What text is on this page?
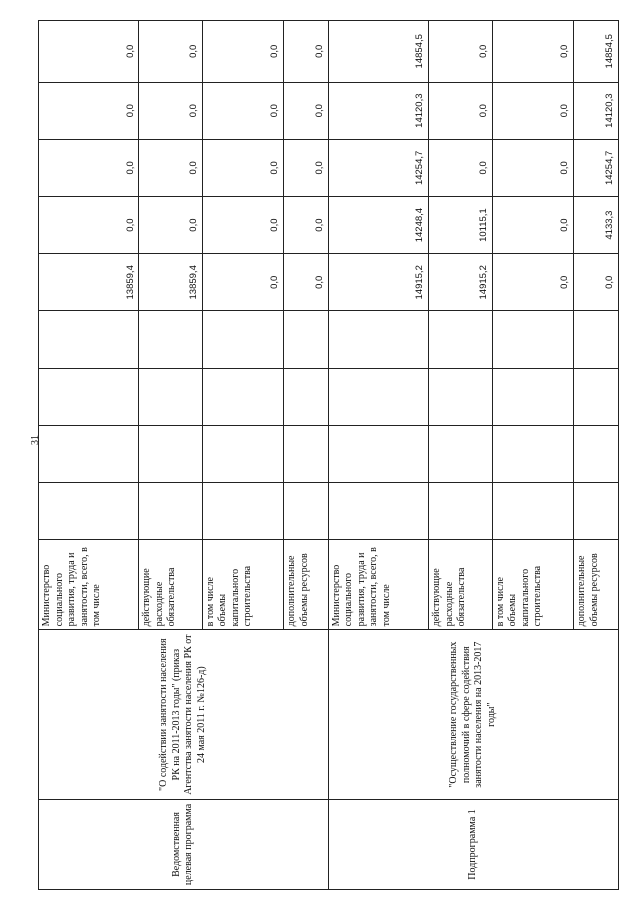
31
Ведомственная целевая программа	"О содействии занятости населения РК на 2011-2013 годы" (приказ Агентства занятости населения РК от 24 мая 2011 г. №126-д)	Министерство социального развития, труда и занятости, всего, в том числе					13859,4	0,0	0,0	0,0	0,0
		действующие расходные обязательства					13859,4	0,0	0,0	0,0	0,0
		в том числе объемы капитального строительства					0,0	0,0	0,0	0,0	0,0
		дополнительные объемы ресурсов					0,0	0,0	0,0	0,0	0,0
Подпрограмма 1	"Осуществление государственных полномочий в сфере содействия занятости населения на 2013-2017 годы"	Министерство социального развития, труда и занятости, всего, в том числе					14915,2	14248,4	14254,7	14120,3	14854,5
		действующие расходные обязательства					14915,2	10115,1	0,0	0,0	0,0
		в том числе объемы капитального строительства					0,0	0,0	0,0	0,0	0,0
		дополнительные объемы ресурсов					0,0	4133,3	14254,7	14120,3	14854,5
